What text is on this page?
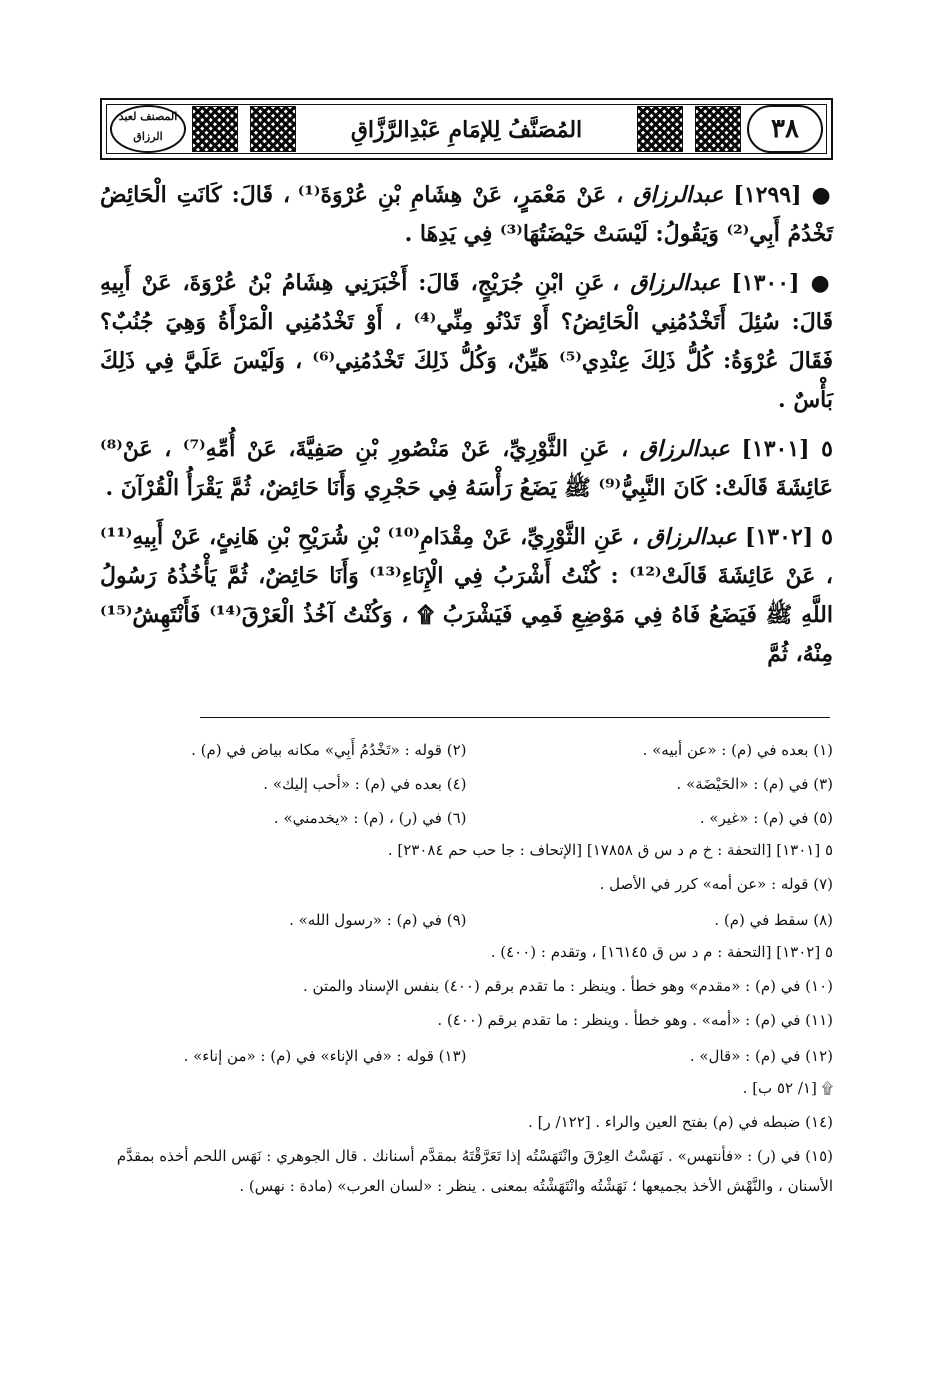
المصنف لعبد الرزاق	المُصَنَّفُ لِلإمَامِ عَبْدِالرَّزَّاقِ	٣٨

● [١٢٩٩] عبدالرزاق ، عَنْ مَعْمَرٍ، عَنْ هِشَامِ بْنِ عُرْوَةَ⁽¹⁾ ، قَالَ: كَانَتِ الْحَائِضُ تَخْدُمُ أَبِي⁽²⁾ وَيَقُولُ: لَيْسَتْ حَيْضَتُهَا⁽³⁾ فِي يَدِهَا .

● [١٣٠٠] عبدالرزاق ، عَنِ ابْنِ جُرَيْجٍ، قَالَ: أَخْبَرَنِي هِشَامُ بْنُ عُرْوَةَ، عَنْ أَبِيهِ قَالَ: سُئِلَ أَتَخْدُمُنِي الْحَائِضُ؟ أَوْ تَدْنُو مِنِّي⁽⁴⁾ ، أَوْ تَخْدُمُنِي الْمَرْأَةُ وَهِيَ جُنُبٌ؟ فَقَالَ عُرْوَةُ: كُلُّ ذَلِكَ عِنْدِي⁽⁵⁾ هَيِّنٌ، وَكُلُّ ذَلِكَ تَخْدُمُنِي⁽⁶⁾ ، وَلَيْسَ عَلَيَّ فِي ذَلِكَ بَأْسٌ .

٥ [١٣٠١] عبدالرزاق ، عَنِ الثَّوْرِيِّ، عَنْ مَنْصُورِ بْنِ صَفِيَّةَ، عَنْ أُمِّهِ⁽⁷⁾ ، عَنْ⁽⁸⁾ عَائِشَةَ قَالَتْ: كَانَ النَّبِيُّ⁽⁹⁾ ﷺ يَضَعُ رَأْسَهُ فِي حَجْرِي وَأَنَا حَائِضٌ، ثُمَّ يَقْرَأُ الْقُرْآنَ .

٥ [١٣٠٢] عبدالرزاق ، عَنِ الثَّوْرِيِّ، عَنْ مِقْدَامِ⁽¹⁰⁾ بْنِ شُرَيْحِ بْنِ هَانِئٍ، عَنْ أَبِيهِ⁽¹¹⁾ ، عَنْ عَائِشَةَ قَالَتْ⁽¹²⁾ : كُنْتُ أَشْرَبُ فِي الْإِنَاءِ⁽¹³⁾ وَأَنَا حَائِضٌ، ثُمَّ يَأْخُذُهُ رَسُولُ اللَّهِ ﷺ فَيَضَعُ فَاهُ فِي مَوْضِعِ فَمِي فَيَشْرَبُ ۩ ، وَكُنْتُ آخُذُ الْعَرْقَ⁽¹⁴⁾ فَأَنْتَهِشُ⁽¹⁵⁾ مِنْهُ، ثُمَّ

(١) بعده في (م) : «عن أبيه» .
(٢) قوله : «تَخْدُمُ أَبِي» مكانه بياض في (م) .
(٣) في (م) : «الحَيْضَة» .
(٤) بعده في (م) : «أحب إليك» .
(٥) في (م) : «غير» .
(٦) في (ر) ، (م) : «يخدمني» .
٥ [١٣٠١] [التحفة : خ م د س ق ١٧٨٥٨] [الإتحاف : جا حب حم ٢٣٠٨٤] .
(٧) قوله : «عن أمه» كرر في الأصل .
(٨) سقط في (م) .
(٩) في (م) : «رسول الله» .
٥ [١٣٠٢] [التحفة : م د س ق ١٦١٤٥] ، وتقدم : (٤٠٠) .
(١٠) في (م) : «مقدم» وهو خطأ . وينظر : ما تقدم برقم (٤٠٠) بنفس الإسناد والمتن .
(١١) في (م) : «أمه» . وهو خطأ . وينظر : ما تقدم برقم (٤٠٠) .
(١٢) في (م) : «قال» .
(١٣) قوله : «في الإناء» في (م) : «من إناء» .
۩ [١/ ٥٢ ب] .
(١٤) ضبطه في (م) بفتح العين والراء . [١٢٢/ ر] .
(١٥) في (ر) : «فأنتهس» . نَهَسْتُ العِرْقَ وانْتَهَسْتُه إذا تَعَرَّقْتَهُ بمقدَّم أسنانك . قال الجوهري : نَهَس اللحم أخذه بمقدَّم الأسنان ، والنَّهْش الأخذ بجميعها ؛ نَهَشْتُه وانْتَهَشْتُه بمعنى . ينظر : «لسان العرب» (مادة : نهس) .
